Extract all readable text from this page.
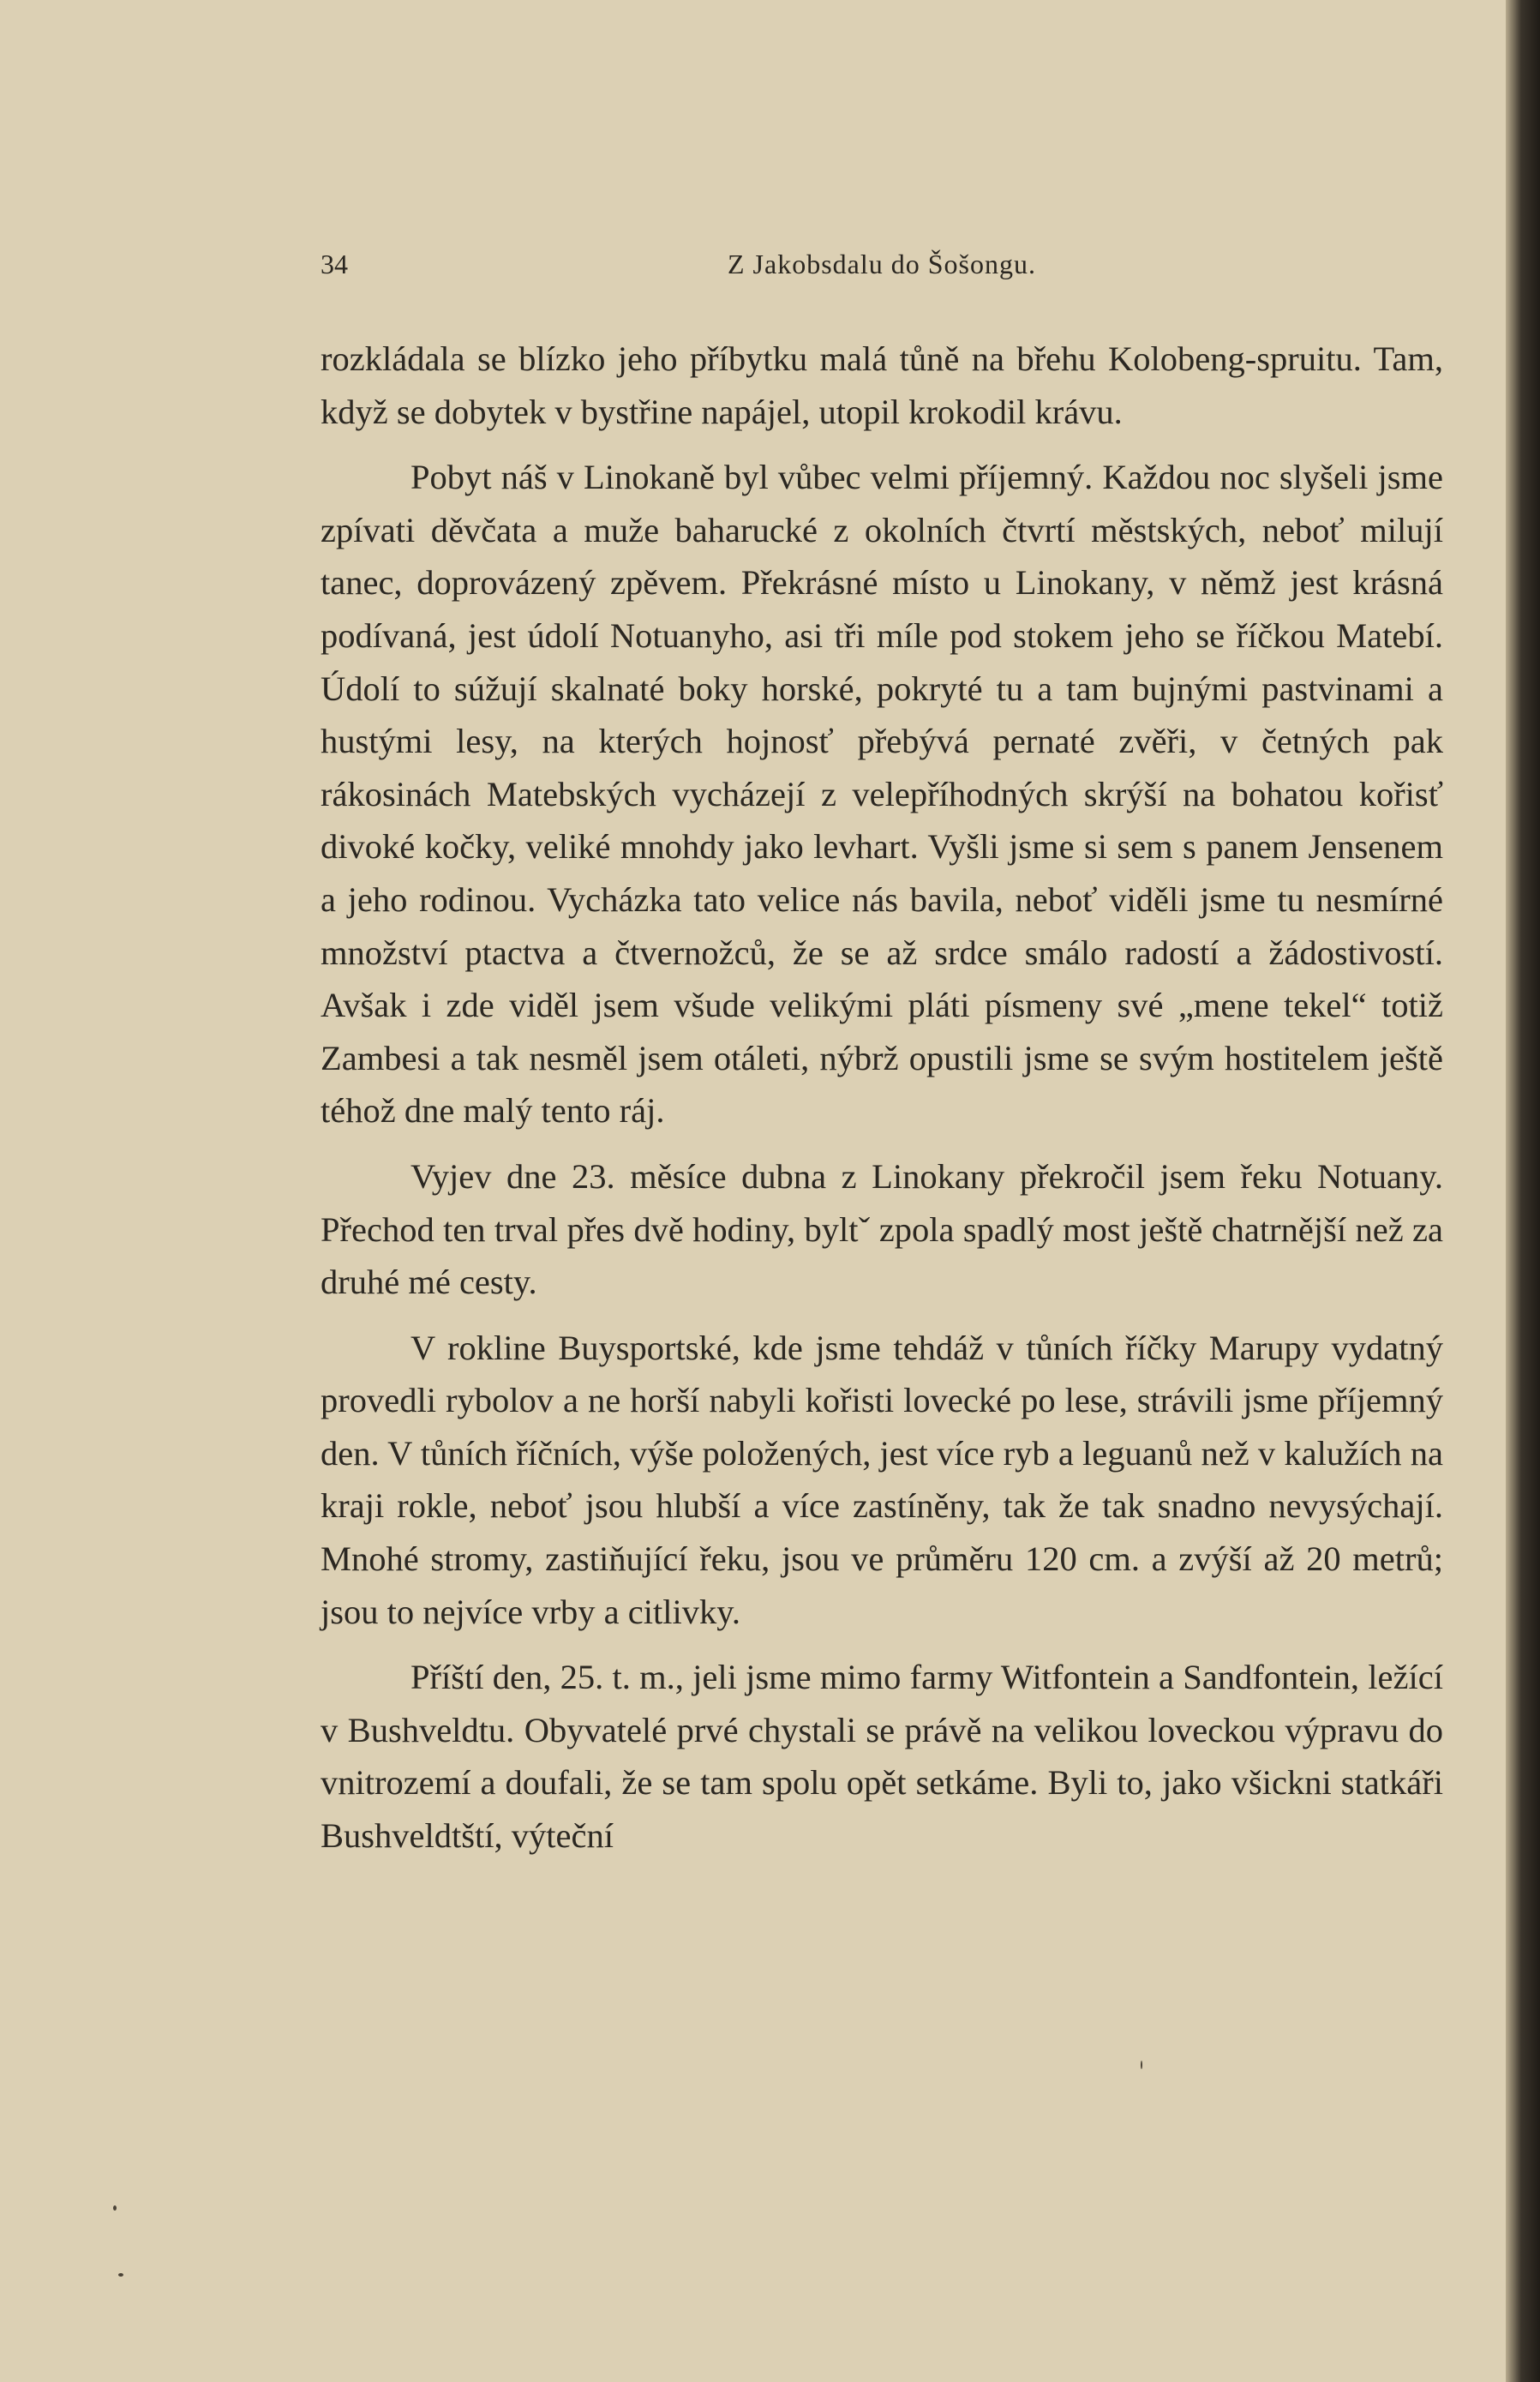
34	Z Jakobsdalu do Šošongu.

rozkládala se blízko jeho příbytku malá tůně na břehu Kolobeng-spruitu. Tam, když se dobytek v bystřine napájel, utopil krokodil krávu.

Pobyt náš v Linokaně byl vůbec velmi příjemný. Každou noc slyšeli jsme zpívati děvčata a muže baharucké z okolních čtvrtí městských, neboť milují tanec, doprovázený zpěvem. Překrásné místo u Linokany, v němž jest krásná podívaná, jest údolí Notuanyho, asi tři míle pod stokem jeho se říčkou Matebí. Údolí to súžují skalnaté boky horské, pokryté tu a tam bujnými pastvinami a hustými lesy, na kterých hojnosť přebývá pernaté zvěři, v četných pak rákosinách Matebských vycházejí z velepříhodných skrýší na bohatou kořisť divoké kočky, veliké mnohdy jako levhart. Vyšli jsme si sem s panem Jensenem a jeho rodinou. Vycházka tato velice nás bavila, neboť viděli jsme tu nesmírné množství ptactva a čtvernožců, že se až srdce smálo radostí a žádostivostí. Avšak i zde viděl jsem všude velikými pláti písmeny své „mene tekel“ totiž Zambesi a tak nesměl jsem otáleti, nýbrž opustili jsme se svým hostitelem ještě téhož dne malý tento ráj.

Vyjev dne 23. měsíce dubna z Linokany překročil jsem řeku Notuany. Přechod ten trval přes dvě hodiny, byltˇ zpola spadlý most ještě chatrnější než za druhé mé cesty.

V rokline Buysportské, kde jsme tehdáž v tůních říčky Marupy vydatný provedli rybolov a ne horší nabyli kořisti lovecké po lese, strávili jsme příjemný den. V tůních říčních, výše položených, jest více ryb a leguanů než v kalužích na kraji rokle, neboť jsou hlubší a více zastíněny, tak že tak snadno nevysýchají. Mnohé stromy, zastiňující řeku, jsou ve průměru 120 cm. a zvýší až 20 metrů; jsou to nejvíce vrby a citlivky.

Příští den, 25. t. m., jeli jsme mimo farmy Witfontein a Sandfontein, ležící v Bushveldtu. Obyvatelé prvé chystali se právě na velikou loveckou výpravu do vnitrozemí a doufali, že se tam spolu opět setkáme. Byli to, jako všickni statkáři Bushveldtští, výteční
